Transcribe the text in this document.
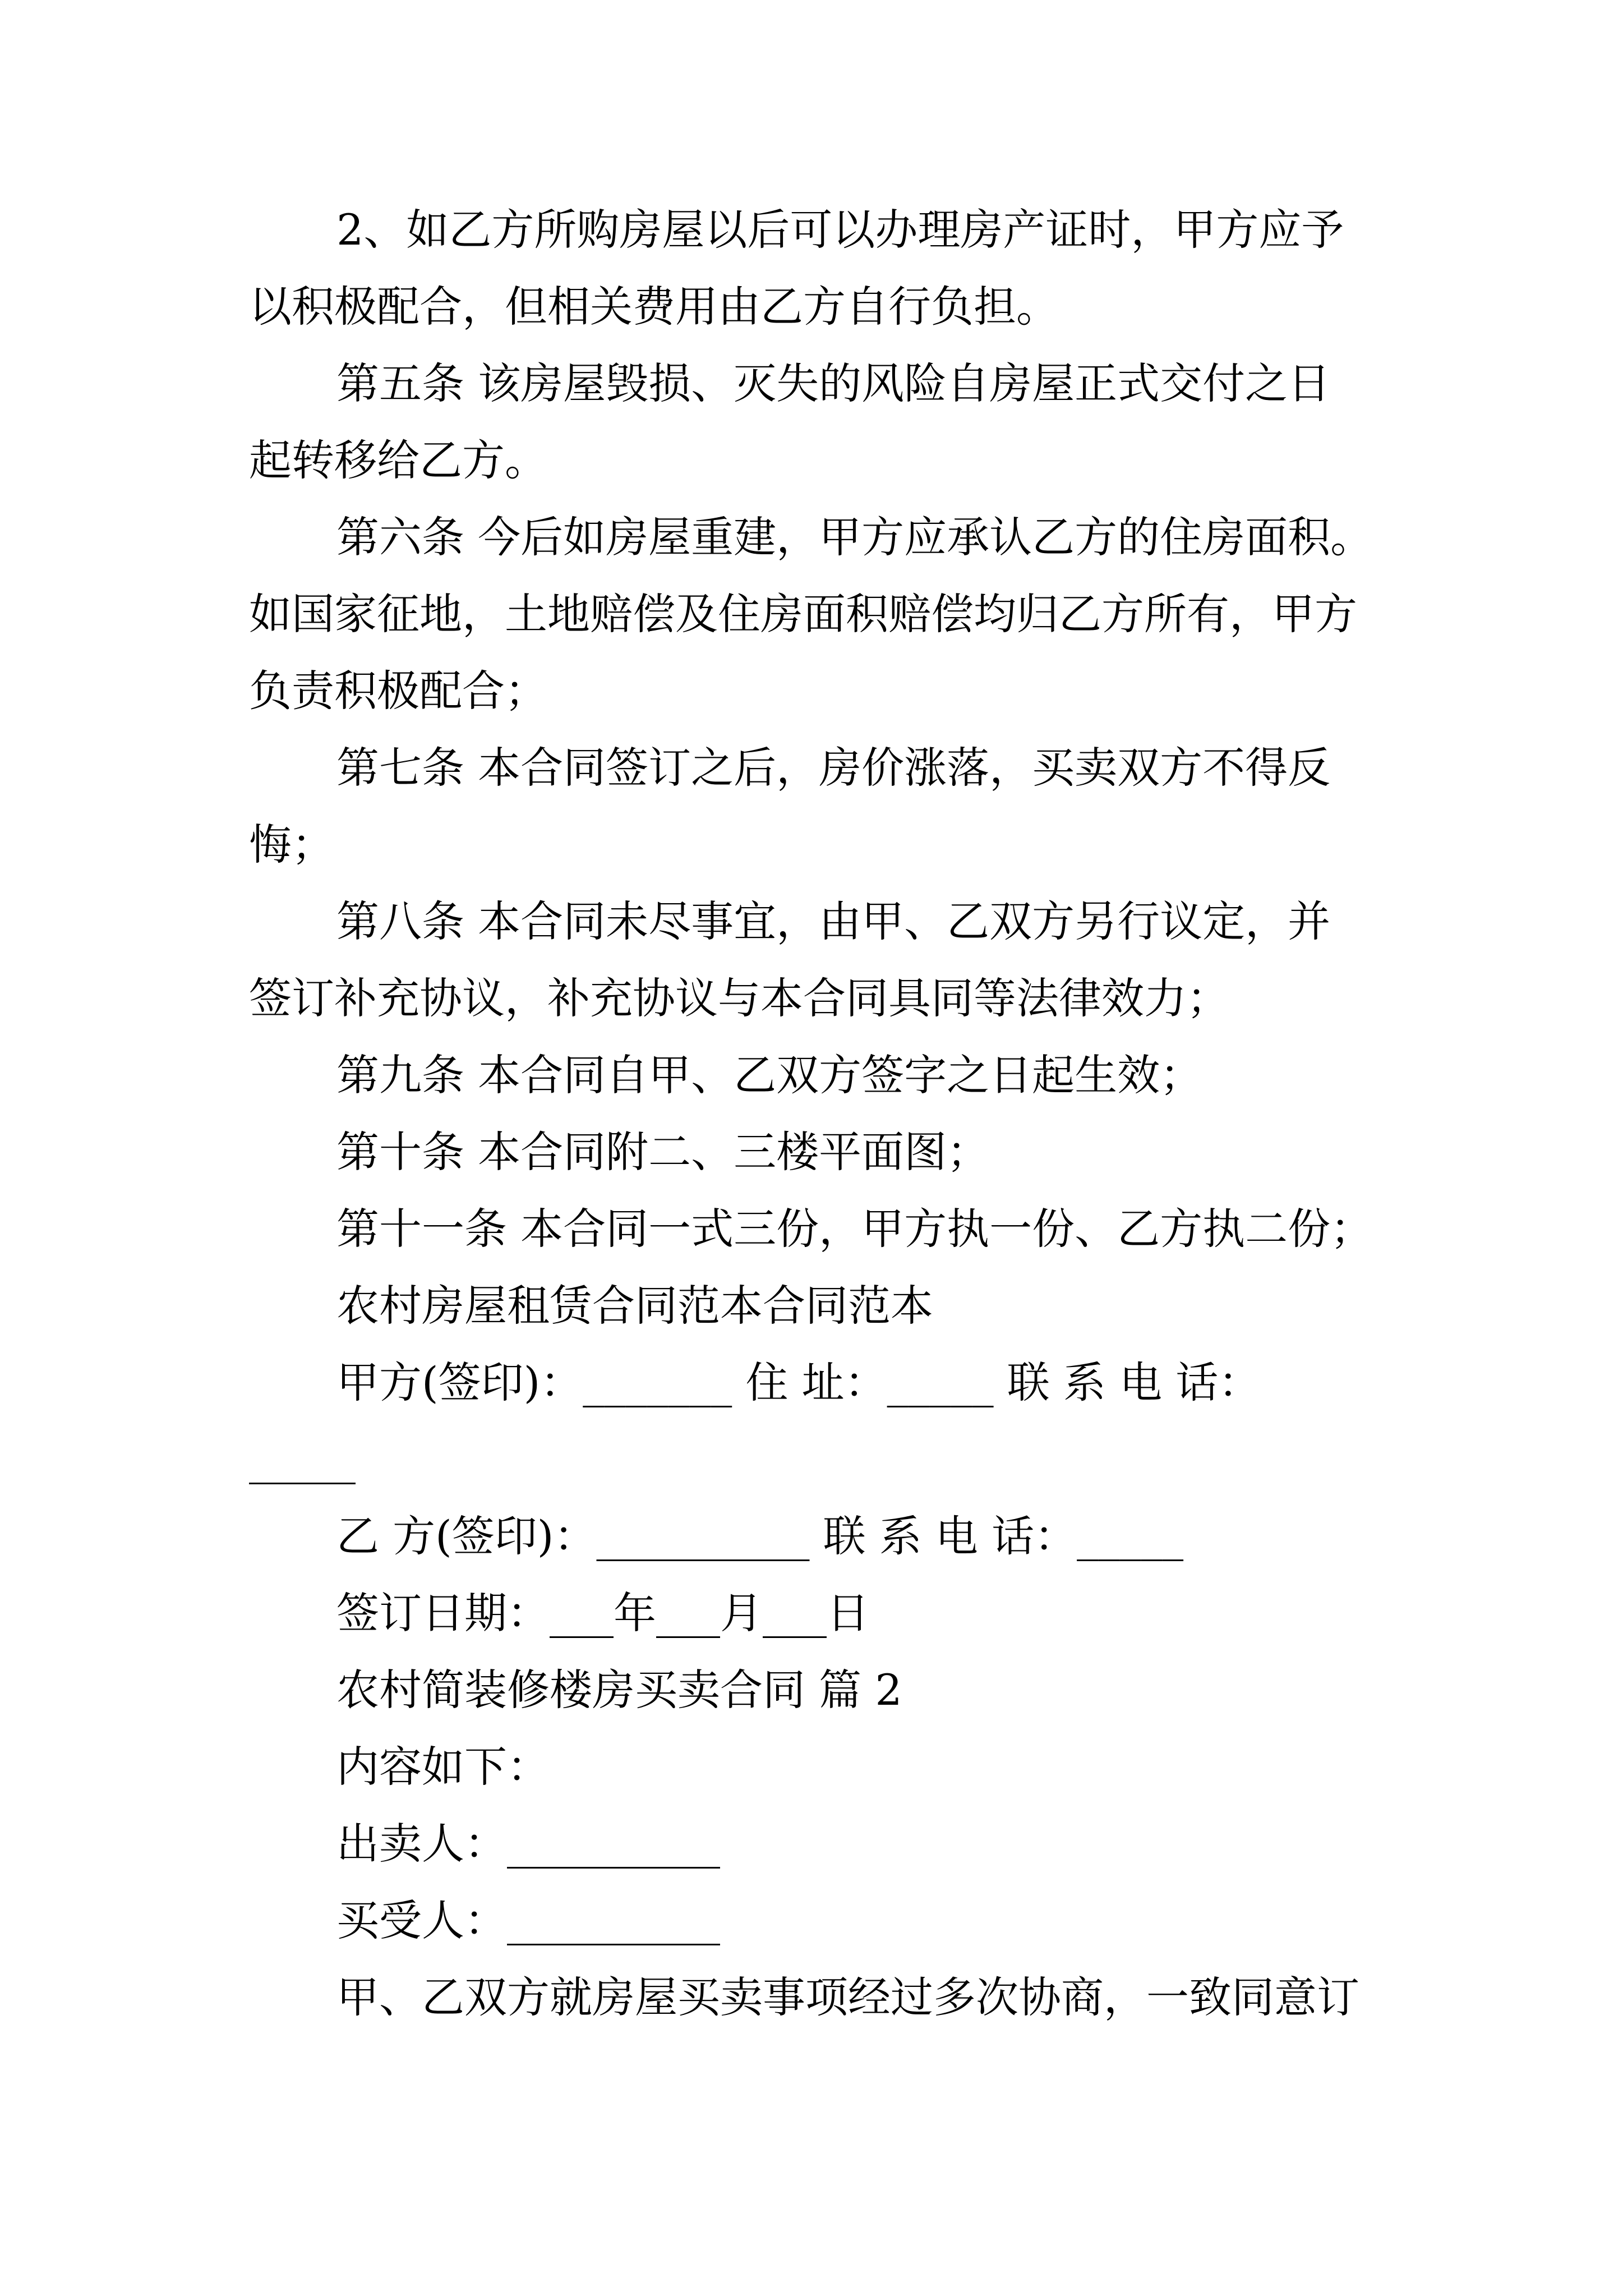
2、如乙方所购房屋以后可以办理房产证时，甲方应予
以积极配合，但相关费用由乙方自行负担。
第五条 该房屋毁损、灭失的风险自房屋正式交付之日
起转移给乙方。
第六条 今后如房屋重建，甲方应承认乙方的住房面积。
如国家征地，土地赔偿及住房面积赔偿均归乙方所有，甲方
负责积极配合；
第七条 本合同签订之后，房价涨落，买卖双方不得反
悔；
第八条 本合同未尽事宜，由甲、乙双方另行议定，并
签订补充协议，补充协议与本合同具同等法律效力；
第九条 本合同自甲、乙双方签字之日起生效；
第十条 本合同附二、三楼平面图；
第十一条 本合同一式三份，甲方执一份、乙方执二份；
农村房屋租赁合同范本合同范本
甲方(签印)：_______ 住 址：_____ 联 系 电 话：
_____
乙 方(签印)：__________ 联 系 电 话：_____
签订日期：___年___月___日
农村简装修楼房买卖合同 篇 2
内容如下：
出卖人：__________
买受人：__________
甲、乙双方就房屋买卖事项经过多次协商，一致同意订
